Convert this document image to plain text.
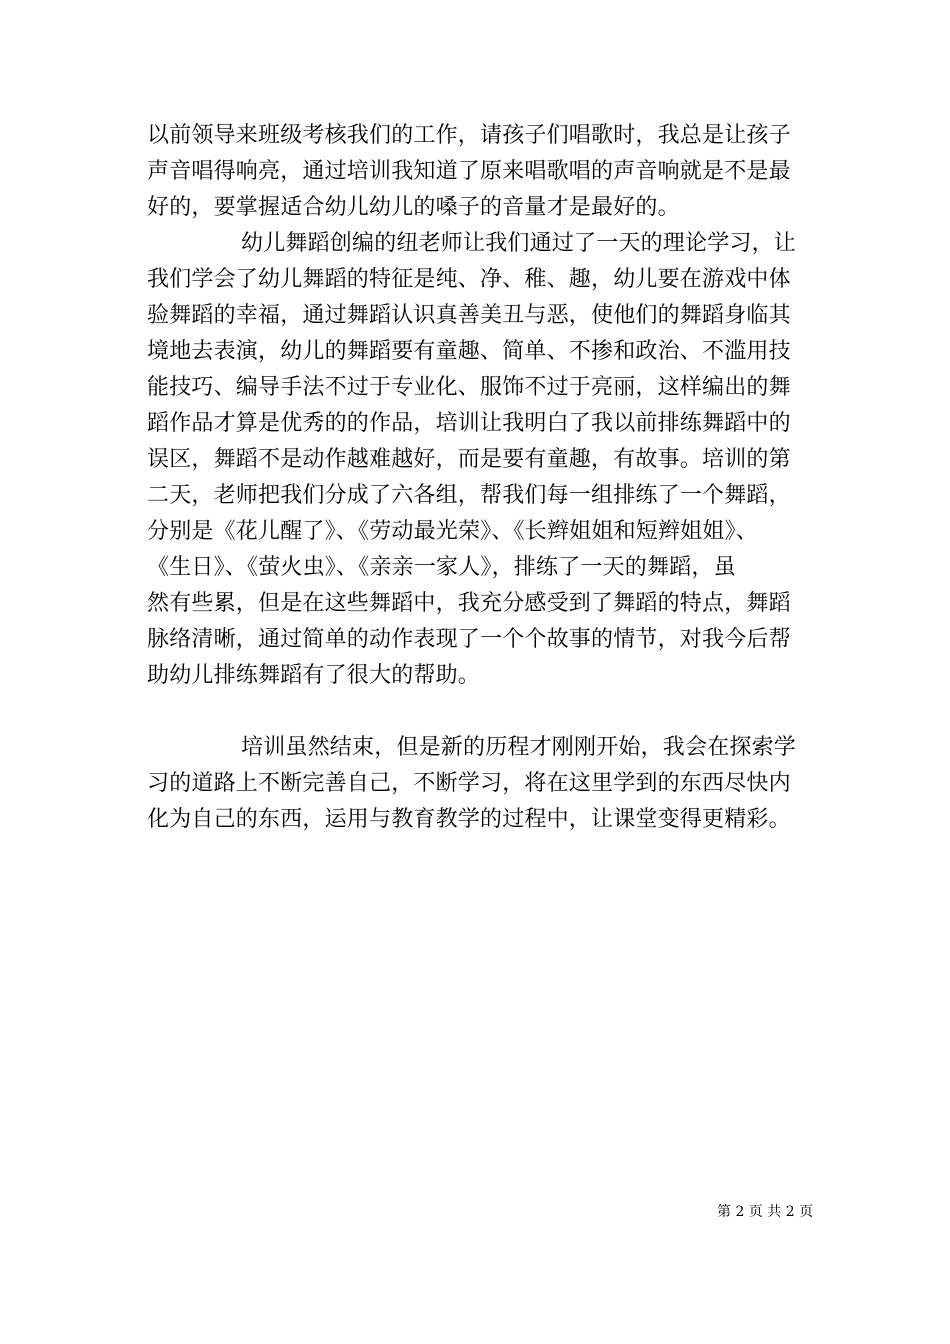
以前领导来班级考核我们的工作，请孩子们唱歌时，我总是让孩子
声音唱得响亮，通过培训我知道了原来唱歌唱的声音响就是不是最
好的，要掌握适合幼儿幼儿的嗓子的音量才是最好的。
幼儿舞蹈创编的纽老师让我们通过了一天的理论学习，让
我们学会了幼儿舞蹈的特征是纯、净、稚、趣，幼儿要在游戏中体
验舞蹈的幸福，通过舞蹈认识真善美丑与恶，使他们的舞蹈身临其
境地去表演，幼儿的舞蹈要有童趣、简单、不掺和政治、不滥用技
能技巧、编导手法不过于专业化、服饰不过于亮丽，这样编出的舞
蹈作品才算是优秀的的作品，培训让我明白了我以前排练舞蹈中的
误区，舞蹈不是动作越难越好，而是要有童趣，有故事。培训的第
二天，老师把我们分成了六各组，帮我们每一组排练了一个舞蹈，
分别是《花儿醒了》、《劳动最光荣》、《长辫姐姐和短辫姐姐》、
《生日》、《萤火虫》、《亲亲一家人》，排练了一天的舞蹈，虽
然有些累，但是在这些舞蹈中，我充分感受到了舞蹈的特点，舞蹈
脉络清晰，通过简单的动作表现了一个个故事的情节，对我今后帮
助幼儿排练舞蹈有了很大的帮助。
培训虽然结束，但是新的历程才刚刚开始，我会在探索学
习的道路上不断完善自己，不断学习，将在这里学到的东西尽快内
化为自己的东西，运用与教育教学的过程中，让课堂变得更精彩。
第 2 页 共 2 页
